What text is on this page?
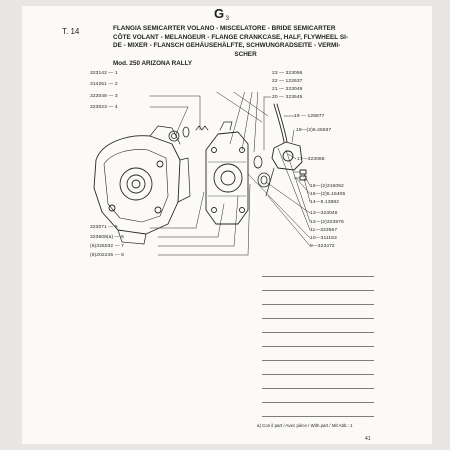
$G_3$
T. 14	FLANGIA SEMICARTER VOLANO - MISCELATORE - BRIDE SEMICARTER
CÔTE VOLANT - MELANGEUR - FLANGE CRANKCASE, HALF, FLYWHEEL SI-
DE - MIXER - FLANSCH GEHÄUSEHÄLFTE, SCHWUNGRADSEITE - VERMI-
SCHER
Mod. 250 ARIZONA RALLY
323142 — 1
314251 — 2
323048 — 3
323023 — 4
323071 — 5
323608(a) — 6
(6)326032 — 7
(6)202245 — 8
23 — 323066
22 — 122637
21 — 323049
20 — 323545
19 — 125877
18—(2)6.45637
17—323068
16—(2)315092
15—(2)5.16405
14—5.13882
13—323046
12—(2)323978
11—323567
10—311163
9—323472
a) Con il part / Avec pièce / With part / Mit Abb.: 1
41
